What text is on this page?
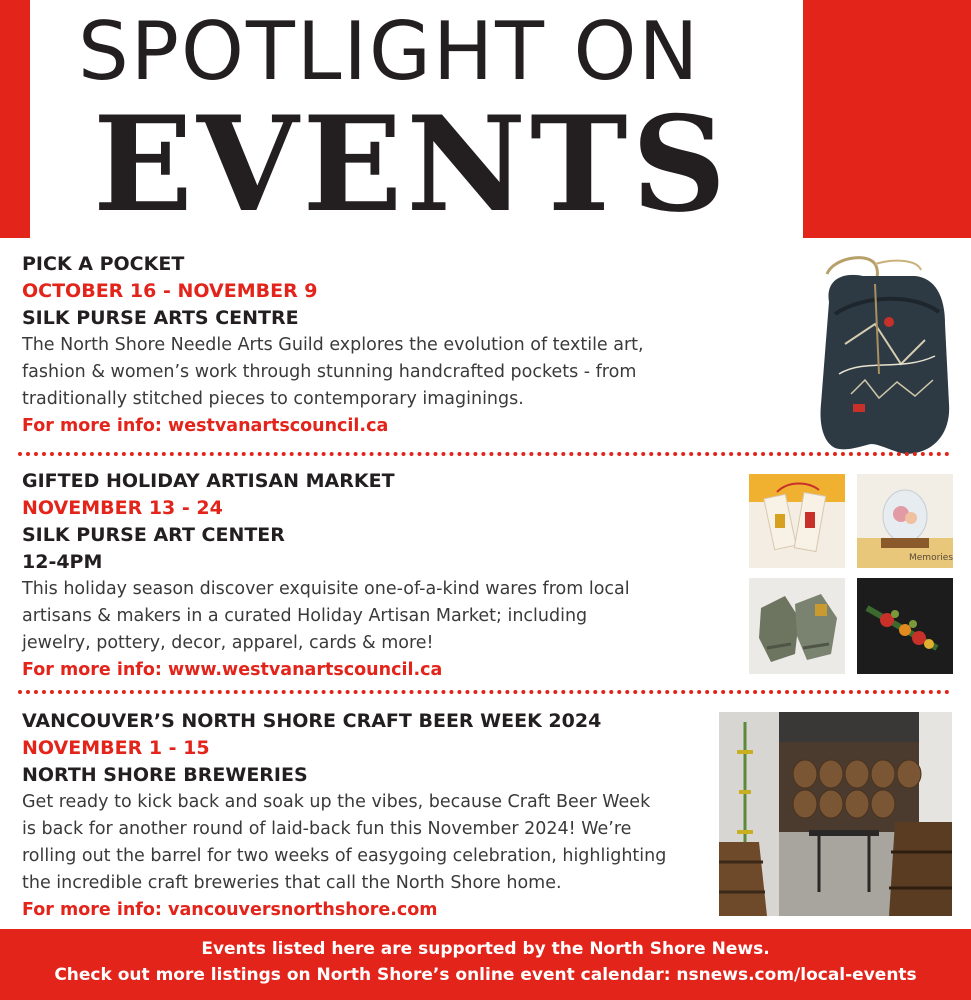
SPOTLIGHT ON
EVENTS
PICK A POCKET
OCTOBER 16 - NOVEMBER 9
SILK PURSE ARTS CENTRE

The North Shore Needle Arts Guild explores the evolution of textile art,
fashion & women’s work through stunning handcrafted pockets - from
traditionally stitched pieces to contemporary imaginings.

For more info: westvanartscouncil.ca
GIFTED HOLIDAY ARTISAN MARKET
NOVEMBER 13 - 24
SILK PURSE ART CENTER
12-4PM

This holiday season discover exquisite one-of-a-kind wares from local
artisans & makers in a curated Holiday Artisan Market; including
jewelry, pottery, decor, apparel, cards & more!

For more info: www.westvanartscouncil.ca
Memories
VANCOUVER’S NORTH SHORE CRAFT BEER WEEK 2024
NOVEMBER 1 - 15
NORTH SHORE BREWERIES

Get ready to kick back and soak up the vibes, because Craft Beer Week
is back for another round of laid-back fun this November 2024! We’re
rolling out the barrel for two weeks of easygoing celebration, highlighting
the incredible craft breweries that call the North Shore home.

For more info: vancouversnorthshore.com
Events listed here are supported by the North Shore News.
Check out more listings on North Shore’s online event calendar: nsnews.com/local-events
